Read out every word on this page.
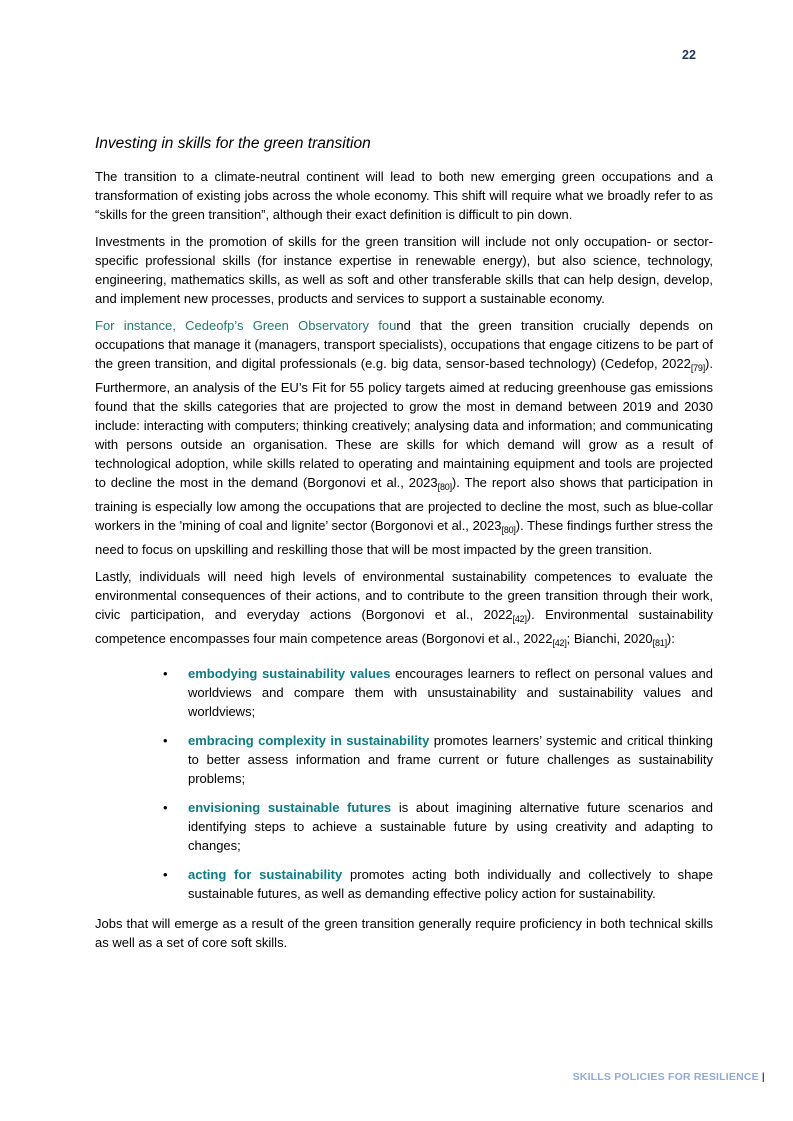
22
Investing in skills for the green transition

The transition to a climate-neutral continent will lead to both new emerging green occupations and a transformation of existing jobs across the whole economy. This shift will require what we broadly refer to as “skills for the green transition”, although their exact definition is difficult to pin down.

Investments in the promotion of skills for the green transition will include not only occupation- or sector-specific professional skills (for instance expertise in renewable energy), but also science, technology, engineering, mathematics skills, as well as soft and other transferable skills that can help design, develop, and implement new processes, products and services to support a sustainable economy.

For instance, Cedeofp’s Green Observatory found that the green transition crucially depends on occupations that manage it (managers, transport specialists), occupations that engage citizens to be part of the green transition, and digital professionals (e.g. big data, sensor-based technology) (Cedefop, $2022_{[79]}$). Furthermore, an analysis of the EU’s Fit for 55 policy targets aimed at reducing greenhouse gas emissions found that the skills categories that are projected to grow the most in demand between 2019 and 2030 include: interacting with computers; thinking creatively; analysing data and information; and communicating with persons outside an organisation. These are skills for which demand will grow as a result of technological adoption, while skills related to operating and maintaining equipment and tools are projected to decline the most in the demand (Borgonovi et al., $2023_{[80]}$). The report also shows that participation in training is especially low among the occupations that are projected to decline the most, such as blue-collar workers in the 'mining of coal and lignite’ sector (Borgonovi et al., $2023_{[80]}$). These findings further stress the need to focus on upskilling and reskilling those that will be most impacted by the green transition.

Lastly, individuals will need high levels of environmental sustainability competences to evaluate the environmental consequences of their actions, and to contribute to the green transition through their work, civic participation, and everyday actions (Borgonovi et al., $2022_{[42]}$). Environmental sustainability competence encompasses four main competence areas (Borgonovi et al., $2022_{[42]}$; Bianchi, $2020_{[81]}$):

• embodying sustainability values encourages learners to reflect on personal values and worldviews and compare them with unsustainability and sustainability values and worldviews;
• embracing complexity in sustainability promotes learners’ systemic and critical thinking to better assess information and frame current or future challenges as sustainability problems;
• envisioning sustainable futures is about imagining alternative future scenarios and identifying steps to achieve a sustainable future by using creativity and adapting to changes;
• acting for sustainability promotes acting both individually and collectively to shape sustainable futures, as well as demanding effective policy action for sustainability.

Jobs that will emerge as a result of the green transition generally require proficiency in both technical skills as well as a set of core soft skills.

SKILLS POLICIES FOR RESILIENCE |
